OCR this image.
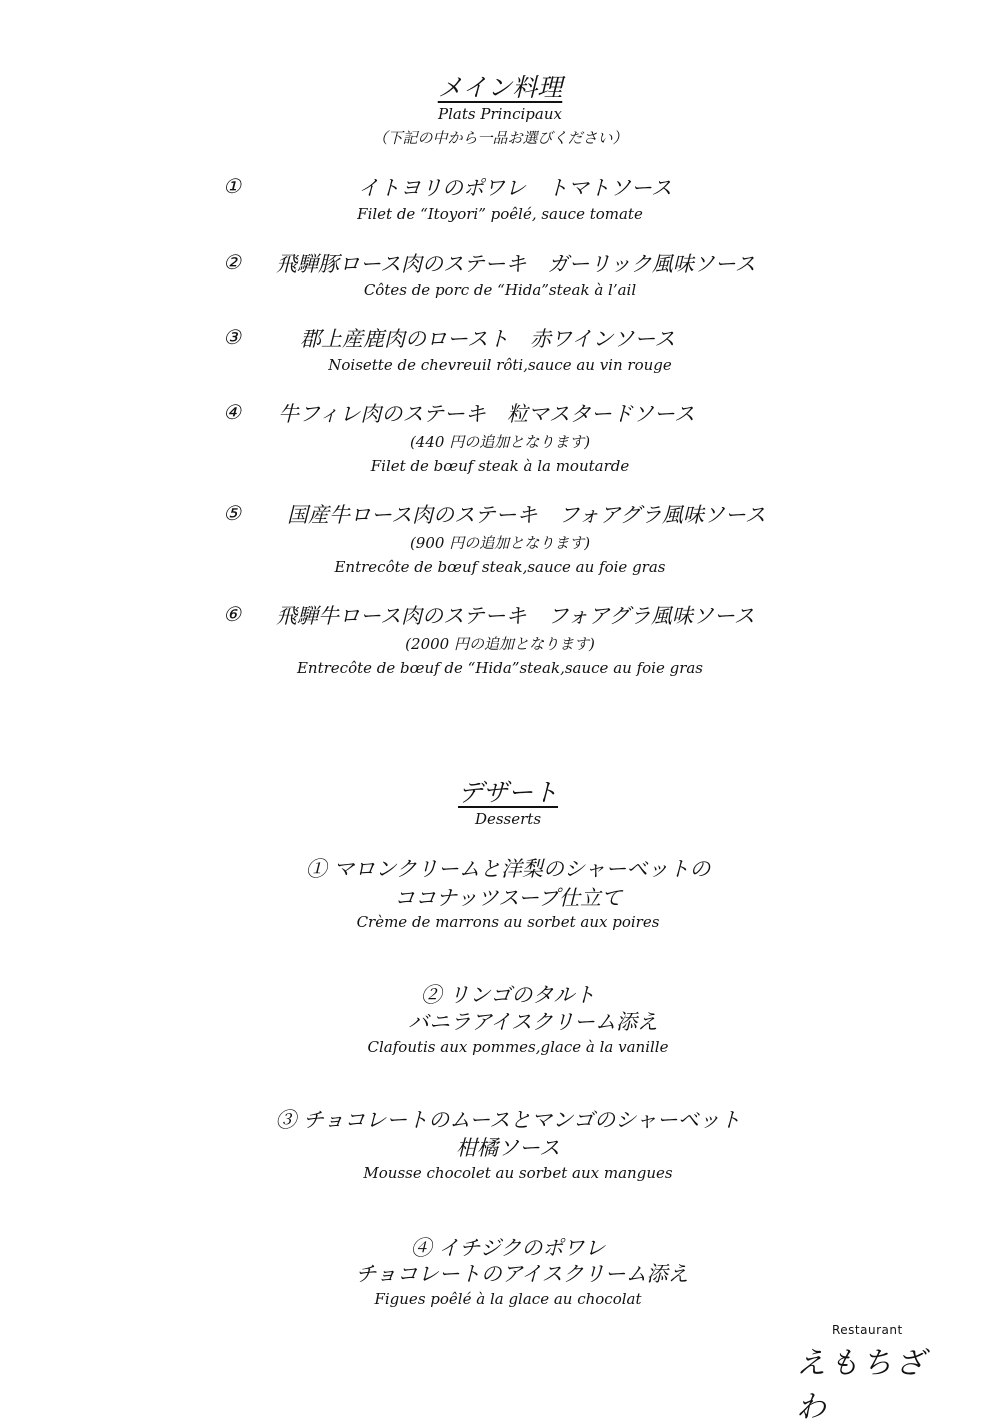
メイン料理
Plats Principaux
（下記の中から一品お選びください）
①	イトヨリのポワレ　トマトソース
Filet de “Itoyori” poêlé, sauce tomate
② 飛騨豚ロース肉のステーキ　ガーリック風味ソース
Côtes de porc de “Hida”steak à l’ail
③	郡上産鹿肉のロースト　赤ワインソース
Noisette de chevreuil rôti,sauce au vin rouge
④ 牛フィレ肉のステーキ　粒マスタードソース
(440 円の追加となります)
Filet de bœuf steak à la moutarde
⑤ 国産牛ロース肉のステーキ　フォアグラ風味ソース
(900 円の追加となります)
Entrecôte de bœuf steak,sauce au foie gras
⑥ 飛騨牛ロース肉のステーキ　フォアグラ風味ソース
(2000 円の追加となります)
Entrecôte de bœuf de “Hida”steak,sauce au foie gras
デザート
Desserts
① マロンクリームと洋梨のシャーベットの
ココナッツスープ仕立て
Crème de marrons au sorbet aux poires
② リンゴのタルト
バニラアイスクリーム添え
Clafoutis aux pommes,glace à la vanille
③ チョコレートのムースとマンゴのシャーベット
柑橘ソース
Mousse chocolet au sorbet aux mangues
④ イチジクのポワレ
チョコレートのアイスクリーム添え
Figues poêlé à la glace au chocolat
Restaurant
えもちざわ
